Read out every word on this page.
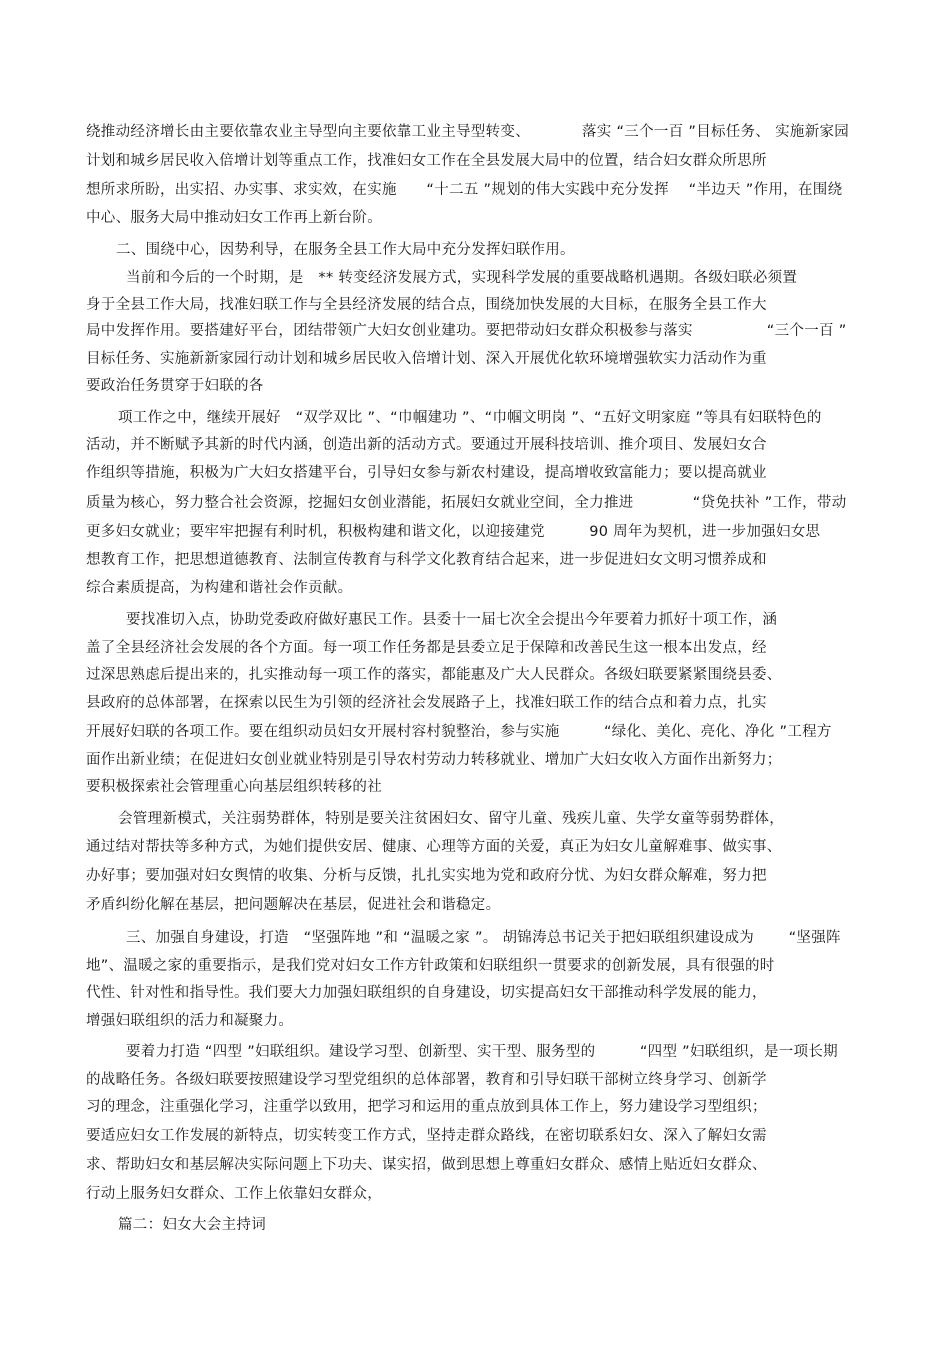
绕推动经济增长由主要依靠农业主导型向主要依靠工业主导型转变、　　　　落实 “三个一百 ”目标任务、 实施新家园
计划和城乡居民收入倍增计划等重点工作，找准妇女工作在全县发展大局中的位置，结合妇女群众所思所
想所求所盼，出实招、办实事、求实效，在实施　　“十二五 ”规划的伟大实践中充分发挥　 “半边天 ”作用，在围绕
中心、服务大局中推动妇女工作再上新台阶。
二、围绕中心，因势利导，在服务全县工作大局中充分发挥妇联作用。
当前和今后的一个时期，是　** 转变经济发展方式，实现科学发展的重要战略机遇期。各级妇联必须置
身于全县工作大局，找准妇联工作与全县经济发展的结合点，围绕加快发展的大目标，在服务全县工作大
局中发挥作用。要搭建好平台，团结带领广大妇女创业建功。要把带动妇女群众积极参与落实　　　　　“三个一百 ”
目标任务、实施新新家园行动计划和城乡居民收入倍增计划、深入开展优化软环境增强软实力活动作为重
要政治任务贯穿于妇联的各
项工作之中，继续开展好　“双学双比 ”、“巾帼建功 ”、“巾帼文明岗 ”、“五好文明家庭 ”等具有妇联特色的
活动，并不断赋予其新的时代内涵，创造出新的活动方式。要通过开展科技培训、推介项目、发展妇女合
作组织等措施，积极为广大妇女搭建平台，引导妇女参与新农村建设，提高增收致富能力；要以提高就业
质量为核心，努力整合社会资源，挖掘妇女创业潜能，拓展妇女就业空间，全力推进　　　　“贷免扶补 ”工作，带动
更多妇女就业；要牢牢把握有利时机，积极构建和谐文化，以迎接建党　　　90 周年为契机，进一步加强妇女思
想教育工作，把思想道德教育、法制宣传教育与科学文化教育结合起来，进一步促进妇女文明习惯养成和
综合素质提高，为构建和谐社会作贡献。
要找准切入点，协助党委政府做好惠民工作。县委十一届七次全会提出今年要着力抓好十项工作，涵
盖了全县经济社会发展的各个方面。每一项工作任务都是县委立足于保障和改善民生这一根本出发点，经
过深思熟虑后提出来的，扎实推动每一项工作的落实，都能惠及广大人民群众。各级妇联要紧紧围绕县委、
县政府的总体部署，在探索以民生为引领的经济社会发展路子上，找准妇联工作的结合点和着力点，扎实
开展好妇联的各项工作。要在组织动员妇女开展村容村貌整治，参与实施　　　“绿化、美化、亮化、净化 ”工程方
面作出新业绩；在促进妇女创业就业特别是引导农村劳动力转移就业、增加广大妇女收入方面作出新努力；
要积极探索社会管理重心向基层组织转移的社
会管理新模式，关注弱势群体，特别是要关注贫困妇女、留守儿童、残疾儿童、失学女童等弱势群体，
通过结对帮扶等多种方式，为她们提供安居、健康、心理等方面的关爱，真正为妇女儿童解难事、做实事、
办好事；要加强对妇女舆情的收集、分析与反馈，扎扎实实地为党和政府分忧、为妇女群众解难，努力把
矛盾纠纷化解在基层，把问题解决在基层，促进社会和谐稳定。
三、加强自身建设，打造　“坚强阵地 ”和 “温暖之家 ”。 胡锦涛总书记关于把妇联组织建设成为　　 “坚强阵
地”、温暖之家的重要指示，是我们党对妇女工作方针政策和妇联组织一贯要求的创新发展，具有很强的时
代性、针对性和指导性。我们要大力加强妇联组织的自身建设，切实提高妇女干部推动科学发展的能力，
增强妇联组织的活力和凝聚力。
要着力打造 “四型 ”妇联组织。建设学习型、创新型、实干型、服务型的　　　“四型 ”妇联组织，是一项长期
的战略任务。各级妇联要按照建设学习型党组织的总体部署，教育和引导妇联干部树立终身学习、创新学
习的理念，注重强化学习，注重学以致用，把学习和运用的重点放到具体工作上，努力建设学习型组织；
要适应妇女工作发展的新特点，切实转变工作方式，坚持走群众路线，在密切联系妇女、深入了解妇女需
求、帮助妇女和基层解决实际问题上下功夫、谋实招，做到思想上尊重妇女群众、感情上贴近妇女群众、
行动上服务妇女群众、工作上依靠妇女群众，
篇二：妇女大会主持词
